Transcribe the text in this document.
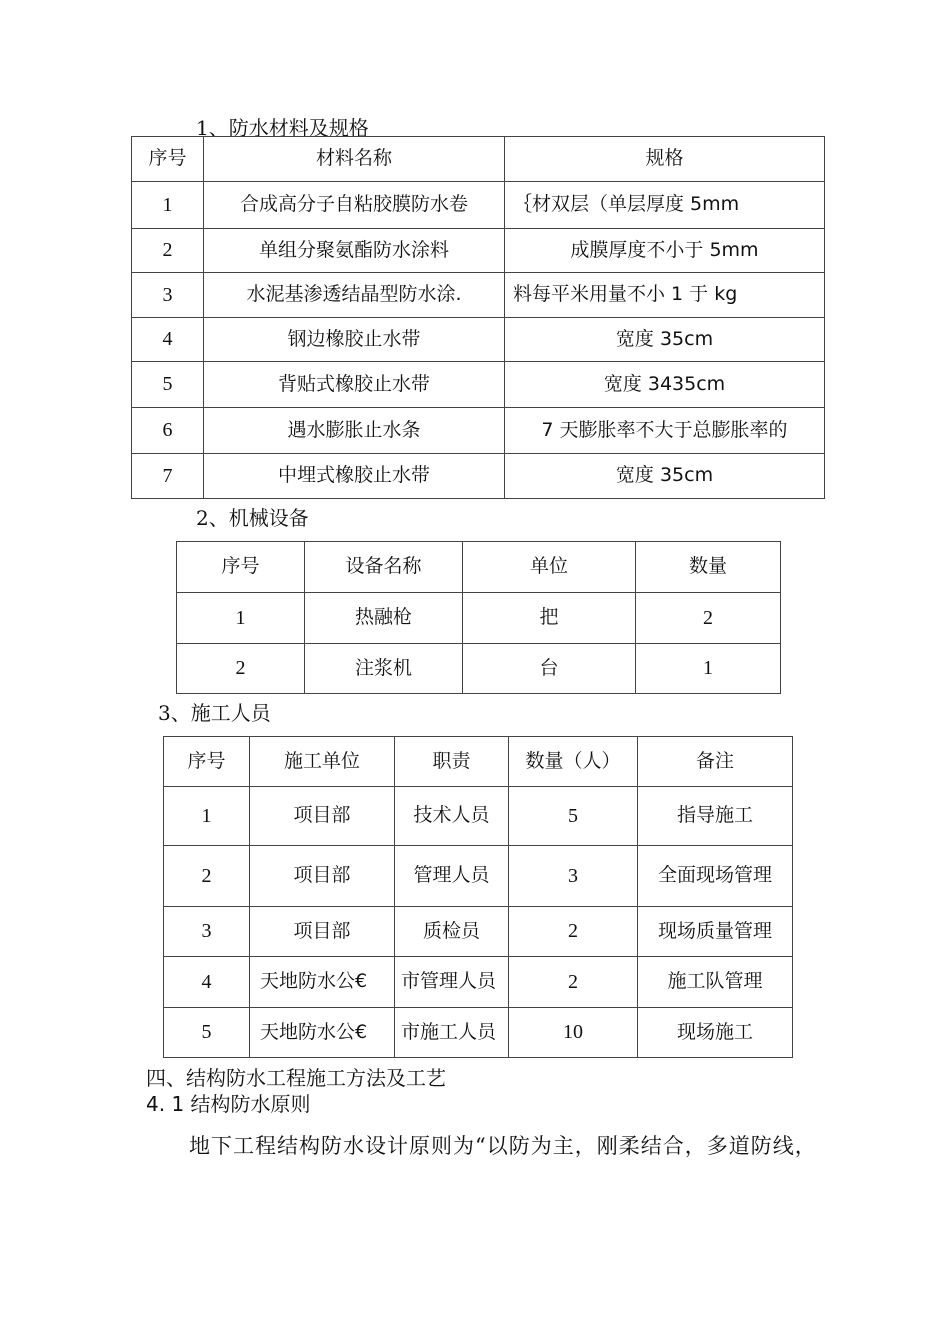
1、防水材料及规格
序号	材料名称	规格
1	合成高分子自粘胶膜防水卷	｛材双层（单层厚度 5mm
2	单组分聚氨酯防水涂料	成膜厚度不小于 5mm
3	水泥基渗透结晶型防水涂.	料每平米用量不小 1 于 kg
4	钢边橡胶止水带	宽度 35cm
5	背贴式橡胶止水带	宽度 3435cm
6	遇水膨胀止水条	7 天膨胀率不大于总膨胀率的
7	中埋式橡胶止水带	宽度 35cm
2、机械设备
序号	设备名称	单位	数量
1	热融枪	把	2
2	注浆机	台	1
3、施工人员
序号	施工单位	职责	数量（人）	备注
1	项目部	技术人员	5	指导施工
2	项目部	管理人员	3	全面现场管理
3	项目部	质检员	2	现场质量管理
4	天地防水公€	市管理人员	2	施工队管理
5	天地防水公€	市施工人员	10	现场施工
四、结构防水工程施工方法及工艺
4. 1 结构防水原则
地下工程结构防水设计原则为“以防为主，刚柔结合，多道防线，
